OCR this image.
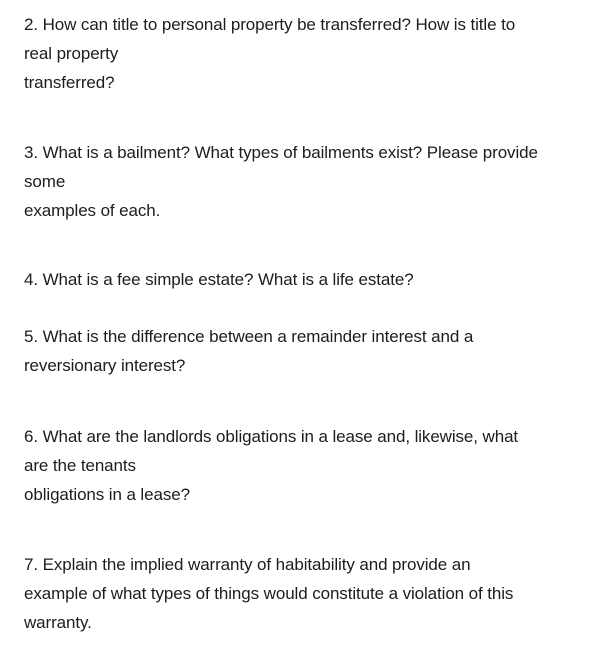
2. How can title to personal property be transferred? How is title to
real property
transferred?
3. What is a bailment? What types of bailments exist? Please provide
some
examples of each.
4. What is a fee simple estate? What is a life estate?
5. What is the difference between a remainder interest and a
reversionary interest?
6. What are the landlords obligations in a lease and, likewise, what
are the tenants
obligations in a lease?
7. Explain the implied warranty of habitability and provide an
example of what types of things would constitute a violation of this
warranty.
